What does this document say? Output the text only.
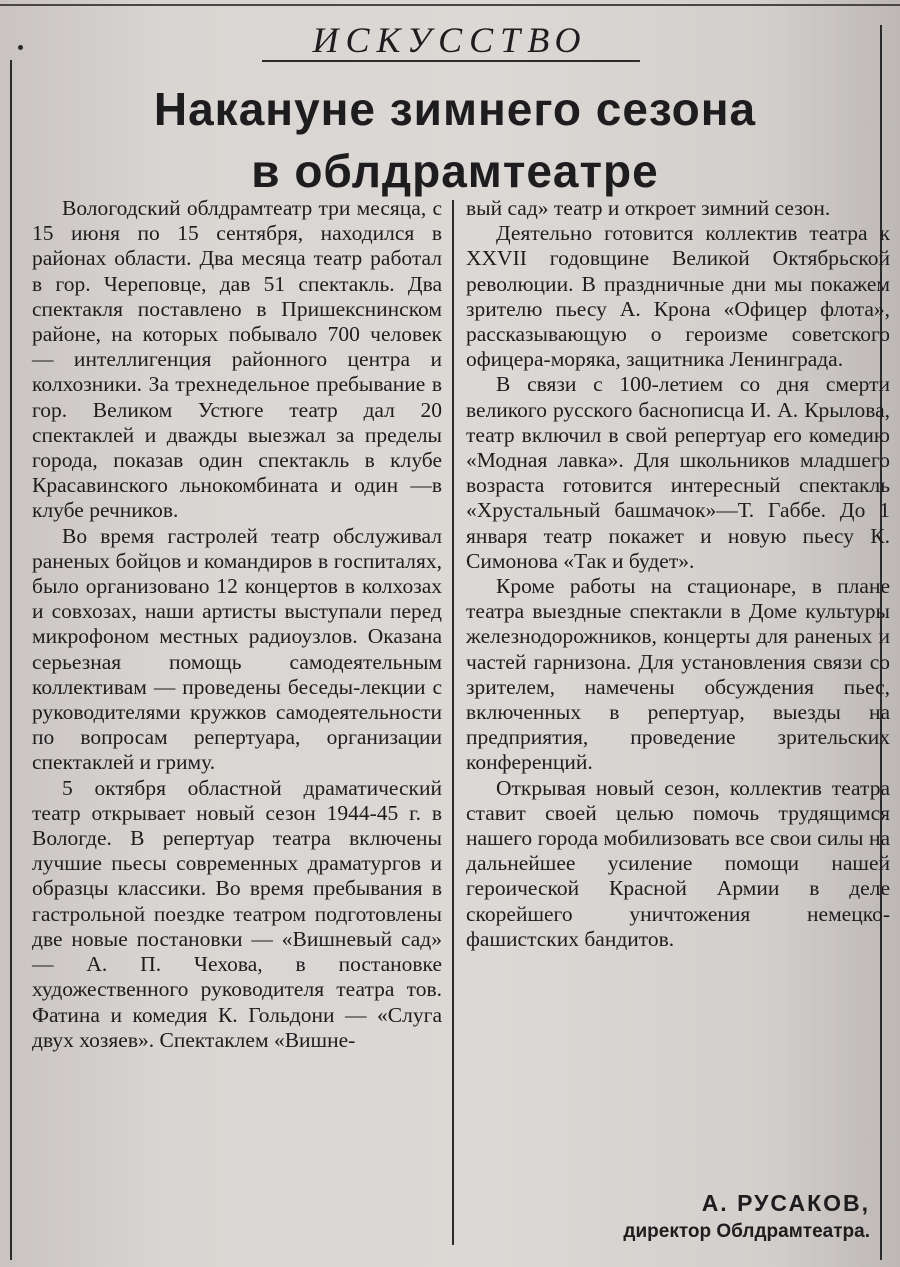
ИСКУССТВО
Накануне зимнего сезона
в облдрамтеатре

Вологодский облдрамтеатр три месяца, с 15 июня по 15 сентября, находился в районах области. Два месяца театр работал в гор. Череповце, дав 51 спектакль. Два спектакля поставлено в Пришекснинском районе, на которых побывало 700 человек — интеллигенция районного центра и колхозники. За трехнедельное пребывание в гор. Великом Устюге театр дал 20 спектаклей и дважды выезжал за пределы города, показав один спектакль в клубе Красавинского льнокомбината и один —в клубе речников.

Во время гастролей театр обслуживал раненых бойцов и командиров в госпиталях, было организовано 12 концертов в колхозах и совхозах, наши артисты выступали перед микрофоном местных радиоузлов. Оказана серьезная помощь самодеятельным коллективам — проведены беседы-лекции с руководителями кружков самодеятельности по вопросам репертуара, организации спектаклей и гриму.

5 октября областной драматический театр открывает новый сезон 1944-45 г. в Вологде. В репертуар театра включены лучшие пьесы современных драматургов и образцы классики. Во время пребывания в гастрольной поездке театром подготовлены две новые постановки — «Вишневый сад» — А. П. Чехова, в постановке художественного руководителя театра тов. Фатина и комедия К. Гольдони — «Слуга двух хозяев». Спектаклем «Вишне-

вый сад» театр и откроет зимний сезон.

Деятельно готовится коллектив театра к XXVII годовщине Великой Октябрьской революции. В праздничные дни мы покажем зрителю пьесу А. Крона «Офицер флота», рассказывающую о героизме советского офицера-моряка, защитника Ленинграда.

В связи с 100-летием со дня смерти великого русского баснописца И. А. Крылова, театр включил в свой репертуар его комедию «Модная лавка». Для школьников младшего возраста готовится интересный спектакль «Хрустальный башмачок»—Т. Габбе. До 1 января театр покажет и новую пьесу К. Симонова «Так и будет».

Кроме работы на стационаре, в плане театра выездные спектакли в Доме культуры железнодорожников, концерты для раненых и частей гарнизона. Для установления связи со зрителем, намечены обсуждения пьес, включенных в репертуар, выезды на предприятия, проведение зрительских конференций.

Открывая новый сезон, коллектив театра ставит своей целью помочь трудящимся нашего города мобилизовать все свои силы на дальнейшее усиление помощи нашей героической Красной Армии в деле скорейшего уничтожения немецко-фашистских бандитов.

А. РУСАКОВ,
директор Облдрамтеатра.
